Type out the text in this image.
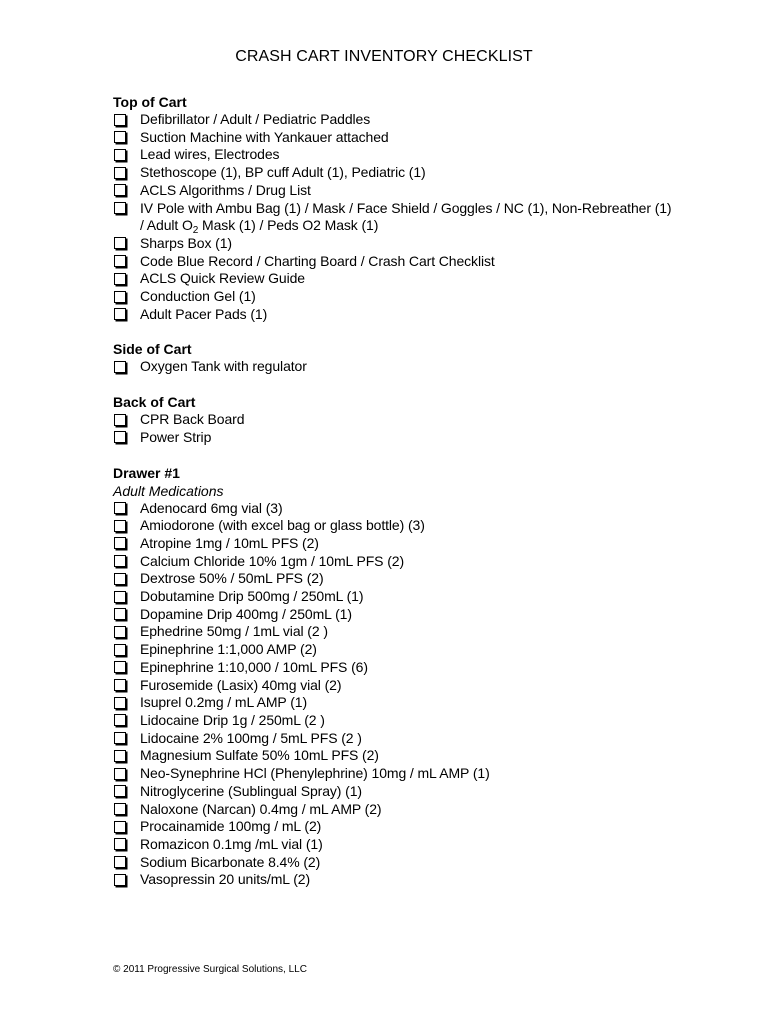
CRASH CART INVENTORY CHECKLIST
Top of Cart
Defibrillator / Adult / Pediatric Paddles
Suction Machine with Yankauer attached
Lead wires, Electrodes
Stethoscope (1), BP cuff Adult (1), Pediatric (1)
ACLS Algorithms / Drug List
IV Pole with Ambu Bag (1) / Mask / Face Shield / Goggles / NC (1), Non-Rebreather (1) / Adult $O_2$ Mask (1) / Peds O2 Mask (1)
Sharps Box (1)
Code Blue Record / Charting Board / Crash Cart Checklist
ACLS Quick Review Guide
Conduction Gel (1)
Adult Pacer Pads (1)
Side of Cart
Oxygen Tank with regulator
Back of Cart
CPR Back Board
Power Strip
Drawer #1
Adult Medications
Adenocard 6mg vial (3)
Amiodorone (with excel bag or glass bottle) (3)
Atropine 1mg / 10mL PFS (2)
Calcium Chloride 10% 1gm / 10mL PFS (2)
Dextrose 50% / 50mL PFS (2)
Dobutamine Drip 500mg / 250mL (1)
Dopamine Drip 400mg / 250mL (1)
Ephedrine 50mg / 1mL vial (2 )
Epinephrine 1:1,000 AMP (2)
Epinephrine 1:10,000 / 10mL PFS (6)
Furosemide (Lasix) 40mg vial (2)
Isuprel 0.2mg / mL AMP (1)
Lidocaine Drip 1g / 250mL (2 )
Lidocaine 2% 100mg / 5mL PFS (2 )
Magnesium Sulfate 50% 10mL PFS (2)
Neo-Synephrine HCl (Phenylephrine) 10mg / mL AMP (1)
Nitroglycerine (Sublingual Spray) (1)
Naloxone (Narcan) 0.4mg / mL AMP (2)
Procainamide 100mg / mL (2)
Romazicon 0.1mg /mL vial (1)
Sodium Bicarbonate 8.4% (2)
Vasopressin 20 units/mL (2)
© 2011 Progressive Surgical Solutions, LLC
